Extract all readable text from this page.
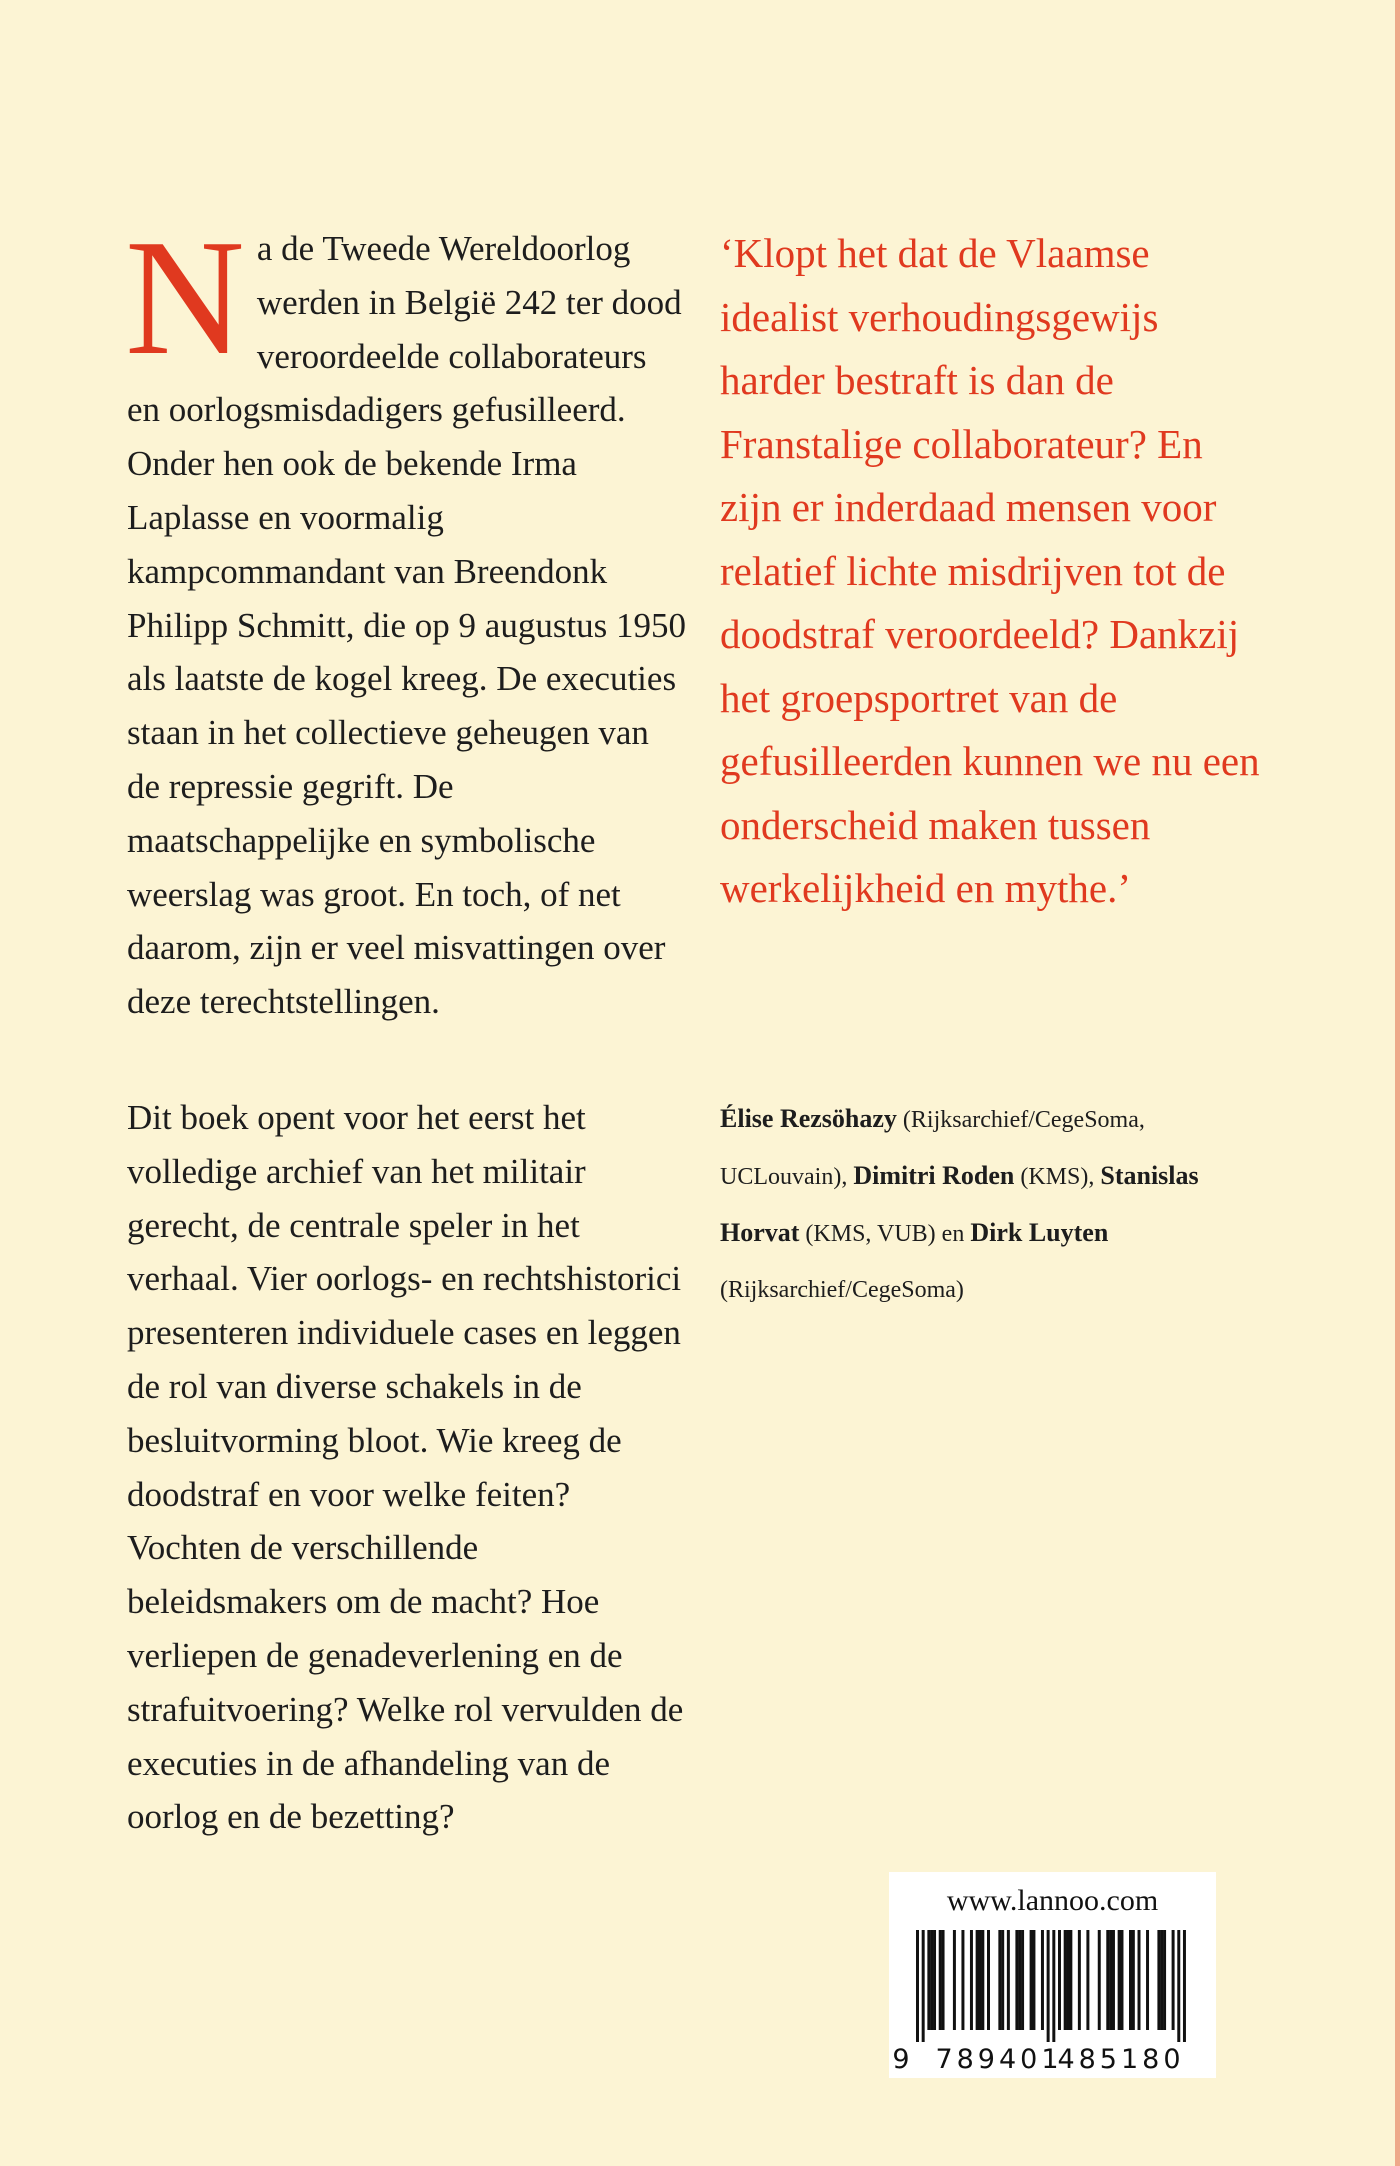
Na de Tweede Wereldoorlog werden in België 242 ter dood veroordeelde collaborateurs en oorlogsmisdadigers gefusilleerd. Onder hen ook de bekende Irma Laplasse en voormalig kampcommandant van Breendonk Philipp Schmitt, die op 9 augustus 1950 als laatste de kogel kreeg. De executies staan in het collectieve geheugen van de repressie gegrift. De maatschappelijke en symbolische weerslag was groot. En toch, of net daarom, zijn er veel misvattingen over deze terechtstellingen.

Dit boek opent voor het eerst het volledige archief van het militair gerecht, de centrale speler in het verhaal. Vier oorlogs- en rechtshistorici presenteren individuele cases en leggen de rol van diverse schakels in de besluitvorming bloot. Wie kreeg de doodstraf en voor welke feiten? Vochten de verschillende beleidsmakers om de macht? Hoe verliepen de genadeverlening en de strafuitvoering? Welke rol vervulden de executies in de afhandeling van de oorlog en de bezetting?

‘Klopt het dat de Vlaamse idealist verhoudingsgewijs harder bestraft is dan de Franstalige collaborateur? En zijn er inderdaad mensen voor relatief lichte misdrijven tot de doodstraf veroordeeld? Dankzij het groepsportret van de gefusilleerden kunnen we nu een onderscheid maken tussen werkelijkheid en mythe.’

Élise Rezsöhazy (Rijksarchief/CegeSoma, UCLouvain), Dimitri Roden (KMS), Stanislas Horvat (KMS, VUB) en Dirk Luyten (Rijksarchief/CegeSoma)

www.lannoo.com
9 789401
485180
